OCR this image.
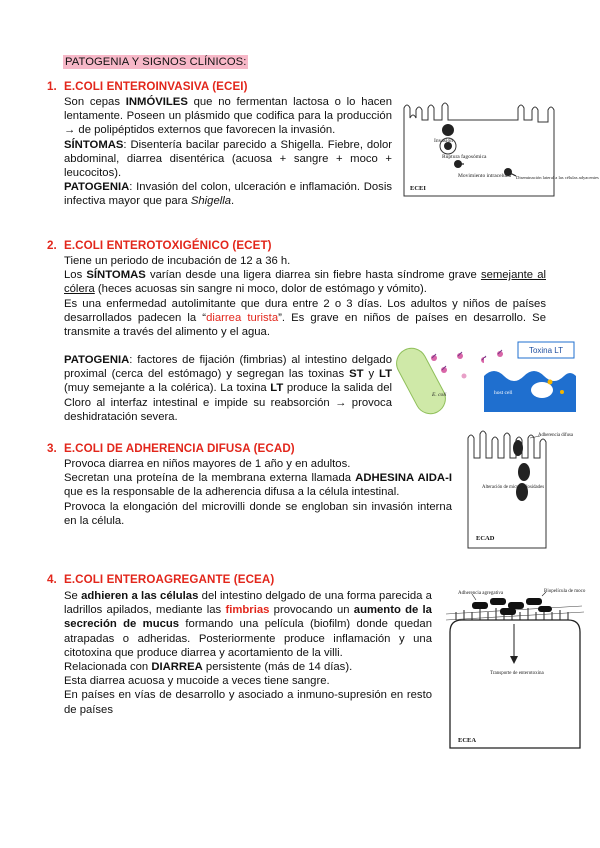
PATOGENIA Y SIGNOS CLÍNICOS:
1. E.COLI ENTEROINVASIVA (ECEI)
Son cepas INMÓVILES que no fermentan lactosa o lo hacen lentamente. Poseen un plásmido que codifica para la producción → de polipéptidos externos que favorecen la invasión.
SÍNTOMAS: Disentería bacilar parecido a Shigella. Fiebre, dolor abdominal, diarrea disentérica (acuosa + sangre + moco + leucocitos).
PATOGENIA: Invasión del colon, ulceración e inflamación. Dosis infectiva mayor que para Shigella.
Invasión
Ruptura fagosómica
Movimiento intracelular Diseminación lateral a las células adyacentes
ECEI
2. E.COLI ENTEROTOXIGÉNICO (ECET)
Tiene un periodo de incubación de 12 a 36 h.
Los SÍNTOMAS varían desde una ligera diarrea sin fiebre hasta síndrome grave semejante al cólera (heces acuosas sin sangre ni moco, dolor de estómago y vómito).
Es una enfermedad autolimitante que dura entre 2 o 3 días. Los adultos y niños de países desarrollados padecen la “diarrea turista”. Es grave en niños de países en desarrollo. Se transmite a través del alimento y el agua.
PATOGENIA: factores de fijación (fimbrias) al intestino delgado proximal (cerca del estómago) y segregan las toxinas ST y LT (muy semejante a la colérica). La toxina LT produce la salida del Cloro al interfaz intestinal e impide su reabsorción → provoca deshidratación severa.
E. coli
Toxina LT
host cell
3. E.COLI DE ADHERENCIA DIFUSA (ECAD)
Provoca diarrea en niños mayores de 1 año y en adultos.
Secretan una proteína de la membrana externa llamada ADHESINA AIDA-I que es la responsable de la adherencia difusa a la célula intestinal.
Provoca la elongación del microvilli donde se engloban sin invasión interna en la célula.
Adherencia difusa
Alteración de microvellosidades
ECAD
4. E.COLI ENTEROAGREGANTE (ECEA)
Se adhieren a las células del intestino delgado de una forma parecida a ladrillos apilados, mediante las fimbrias provocando un aumento de la secreción de mucus formando una película (biofilm) donde quedan atrapadas o adheridas. Posteriormente produce inflamación y una citotoxina que produce diarrea y acortamiento de la villi.
Relacionada con DIARREA persistente (más de 14 días).
Esta diarrea acuosa y mucoide a veces tiene sangre.
En países en vías de desarrollo y asociado a inmuno-supresión en resto de países
Adherencia agregativa	Biopelícula de moco
Transporte de enterotoxina
ECEA
